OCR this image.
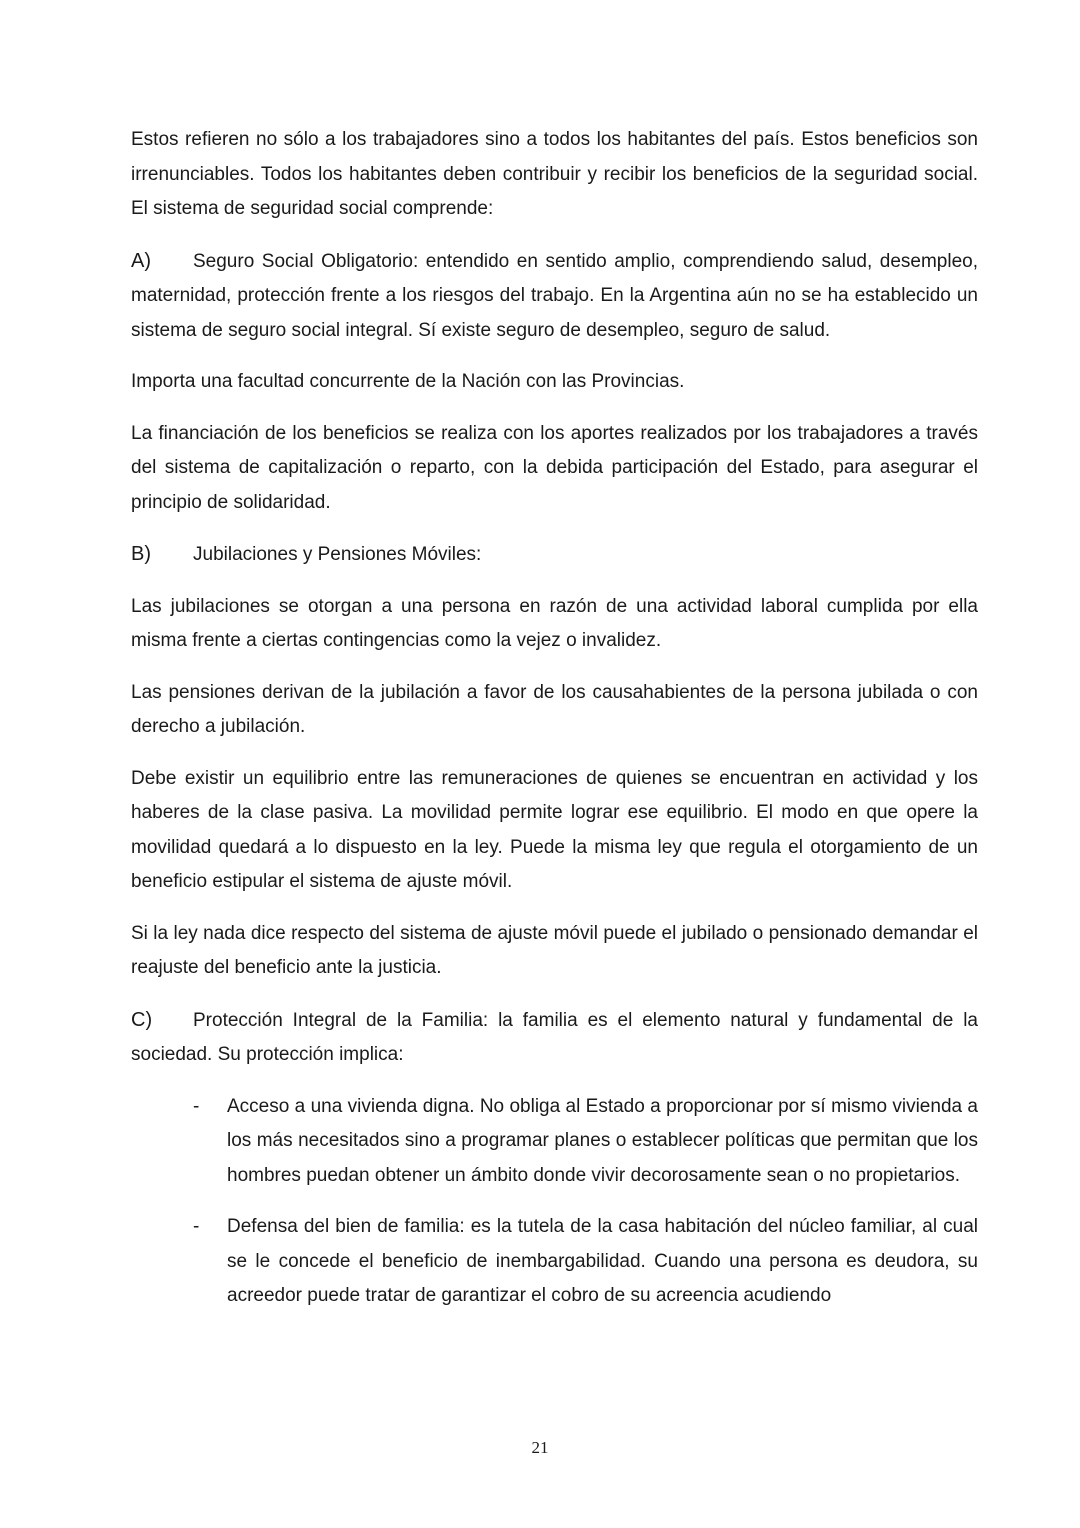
Estos refieren no sólo a los trabajadores sino a todos los habitantes del país. Estos beneficios son irrenunciables. Todos los habitantes deben contribuir y recibir los beneficios de la seguridad social. El sistema de seguridad social comprende:

A) Seguro Social Obligatorio: entendido en sentido amplio, comprendiendo salud, desempleo, maternidad, protección frente a los riesgos del trabajo. En la Argentina aún no se ha establecido un sistema de seguro social integral. Sí existe seguro de desempleo, seguro de salud.

Importa una facultad concurrente de la Nación con las Provincias.

La financiación de los beneficios se realiza con los aportes realizados por los trabajadores a través del sistema de capitalización o reparto, con la debida participación del Estado, para asegurar el principio de solidaridad.

B) Jubilaciones y Pensiones Móviles:

Las jubilaciones se otorgan a una persona en razón de una actividad laboral cumplida por ella misma frente a ciertas contingencias como la vejez o invalidez.

Las pensiones derivan de la jubilación a favor de los causahabientes de la persona jubilada o con derecho a jubilación.

Debe existir un equilibrio entre las remuneraciones de quienes se encuentran en actividad y los haberes de la clase pasiva. La movilidad permite lograr ese equilibrio. El modo en que opere la movilidad quedará a lo dispuesto en la ley. Puede la misma ley que regula el otorgamiento de un beneficio estipular el sistema de ajuste móvil.

Si la ley nada dice respecto del sistema de ajuste móvil puede el jubilado o pensionado demandar el reajuste del beneficio ante la justicia.

C) Protección Integral de la Familia: la familia es el elemento natural y fundamental de la sociedad. Su protección implica:
- Acceso a una vivienda digna. No obliga al Estado a proporcionar por sí mismo vivienda a los más necesitados sino a programar planes o establecer políticas que permitan que los hombres puedan obtener un ámbito donde vivir decorosamente sean o no propietarios.
- Defensa del bien de familia: es la tutela de la casa habitación del núcleo familiar, al cual se le concede el beneficio de inembargabilidad. Cuando una persona es deudora, su acreedor puede tratar de garantizar el cobro de su acreencia acudiendo
21
